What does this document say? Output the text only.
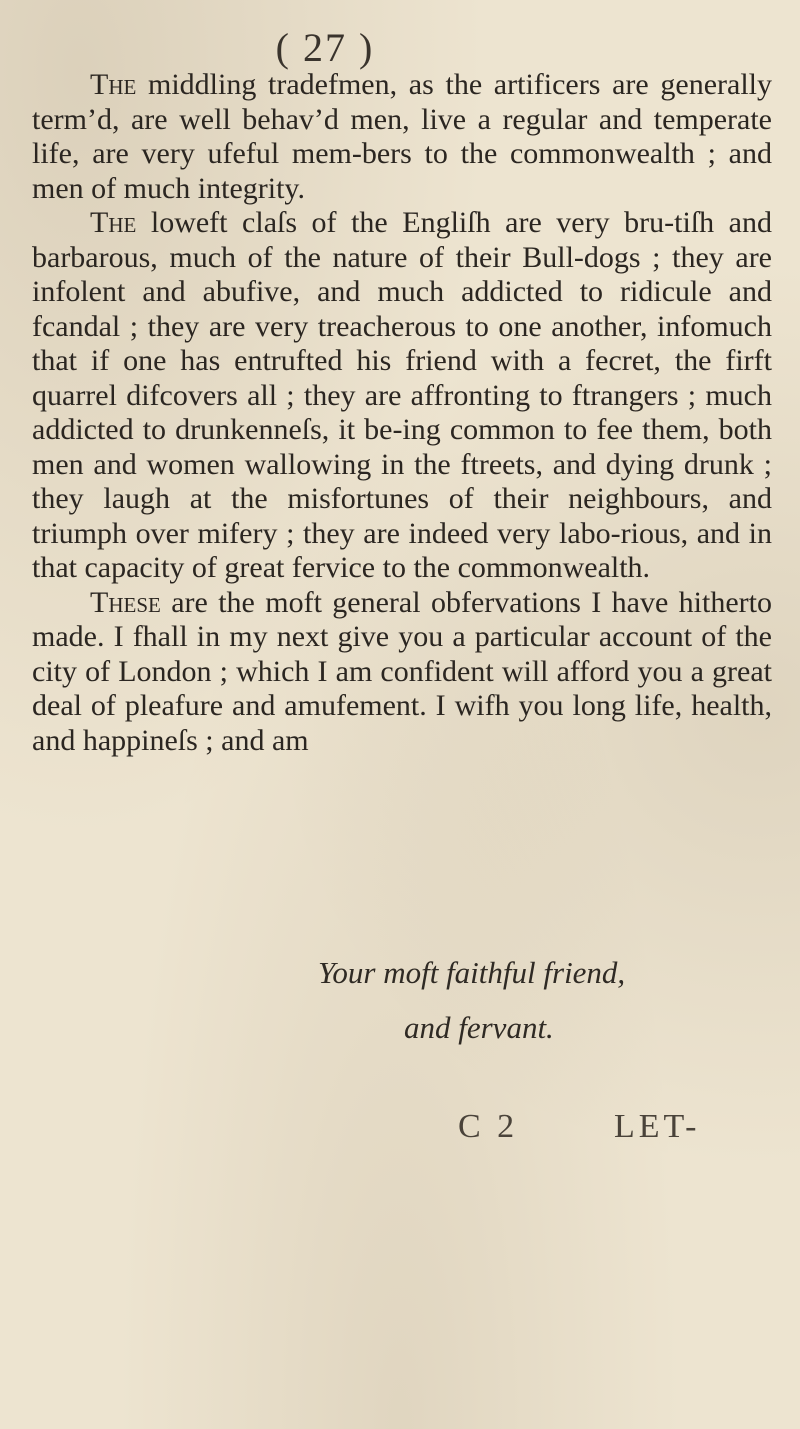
( 27 )

The middling tradefmen, as the artificers are generally term’d, are well behav’d men, live a regular and temperate life, are very ufeful mem-bers to the commonwealth ; and men of much integrity.

The loweft claſs of the Engliſh are very bru-tiſh and barbarous, much of the nature of their Bull-dogs ; they are infolent and abufive, and much addicted to ridicule and fcandal ; they are very treacherous to one another, infomuch that if one has entrufted his friend with a fecret, the firft quarrel difcovers all ; they are affronting to ftrangers ; much addicted to drunkenneſs, it be-ing common to fee them, both men and women wallowing in the ftreets, and dying drunk ; they laugh at the misfortunes of their neighbours, and triumph over mifery ; they are indeed very labo-rious, and in that capacity of great fervice to the commonwealth.

These are the moft general obfervations I have hitherto made. I fhall in my next give you a particular account of the city of London ; which I am confident will afford you a great deal of pleafure and amufement. I wifh you long life, health, and happineſs ; and am

Your moft faithful friend,
and fervant.
C 2	LET-
